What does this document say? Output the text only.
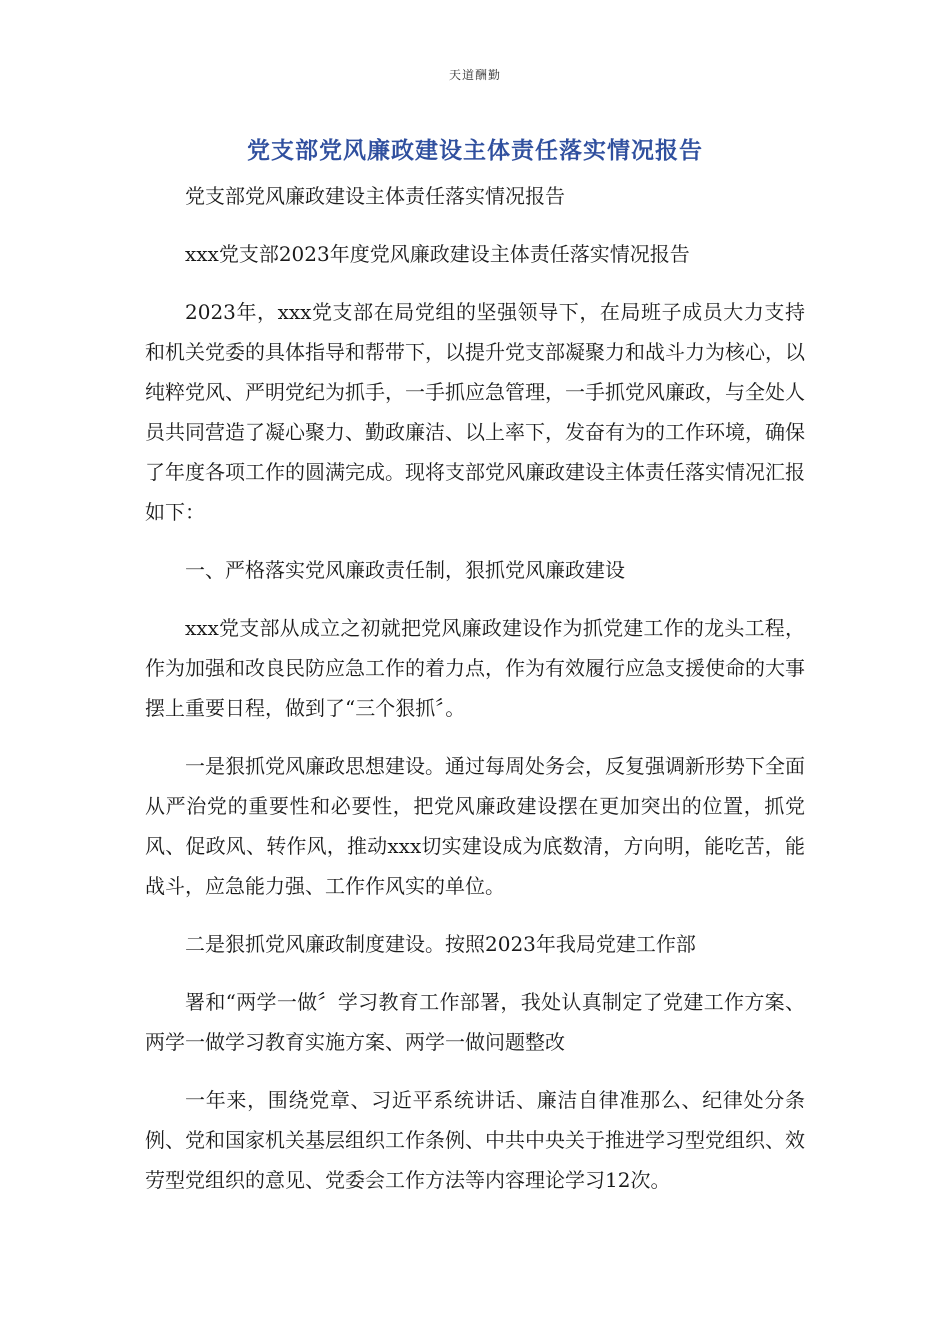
天道酬勤
党支部党风廉政建设主体责任落实情况报告

党支部党风廉政建设主体责任落实情况报告

xxx党支部2023年度党风廉政建设主体责任落实情况报告

2023年，xxx党支部在局党组的坚强领导下，在局班子成员大力支持和机关党委的具体指导和帮带下，以提升党支部凝聚力和战斗力为核心，以纯粹党风、严明党纪为抓手，一手抓应急管理，一手抓党风廉政，与全处人员共同营造了凝心聚力、勤政廉洁、以上率下，发奋有为的工作环境，确保了年度各项工作的圆满完成。现将支部党风廉政建设主体责任落实情况汇报如下：

一、严格落实党风廉政责任制，狠抓党风廉政建设

xxx党支部从成立之初就把党风廉政建设作为抓党建工作的龙头工程，作为加强和改良民防应急工作的着力点，作为有效履行应急支援使命的大事摆上重要日程，做到了“三个狠抓〞。

一是狠抓党风廉政思想建设。通过每周处务会，反复强调新形势下全面从严治党的重要性和必要性，把党风廉政建设摆在更加突出的位置，抓党风、促政风、转作风，推动xxx切实建设成为底数清，方向明，能吃苦，能战斗，应急能力强、工作作风实的单位。

二是狠抓党风廉政制度建设。按照2023年我局党建工作部

署和“两学一做〞学习教育工作部署，我处认真制定了党建工作方案、两学一做学习教育实施方案、两学一做问题整改

一年来，围绕党章、习近平系统讲话、廉洁自律准那么、纪律处分条例、党和国家机关基层组织工作条例、中共中央关于推进学习型党组织、效劳型党组织的意见、党委会工作方法等内容理论学习12次。
